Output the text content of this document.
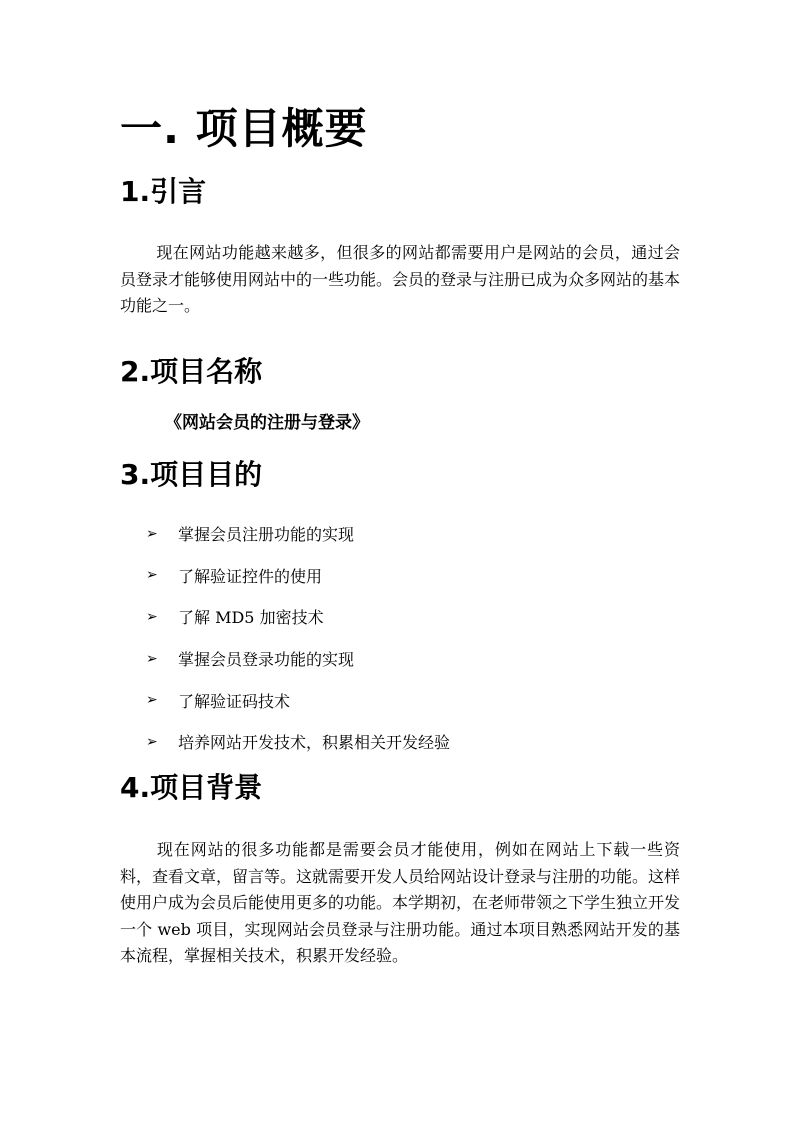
一. 项目概要
1.引言
现在网站功能越来越多，但很多的网站都需要用户是网站的会员，通过会员登录才能够使用网站中的一些功能。会员的登录与注册已成为众多网站的基本功能之一。
2.项目名称
《网站会员的注册与登录》
3.项目目的
➢	掌握会员注册功能的实现
➢	了解验证控件的使用
➢	了解 MD5 加密技术
➢	掌握会员登录功能的实现
➢	了解验证码技术
➢	培养网站开发技术，积累相关开发经验
4.项目背景
现在网站的很多功能都是需要会员才能使用，例如在网站上下载一些资料，查看文章，留言等。这就需要开发人员给网站设计登录与注册的功能。这样使用户成为会员后能使用更多的功能。本学期初，在老师带领之下学生独立开发一个 web 项目，实现网站会员登录与注册功能。通过本项目熟悉网站开发的基本流程，掌握相关技术，积累开发经验。
